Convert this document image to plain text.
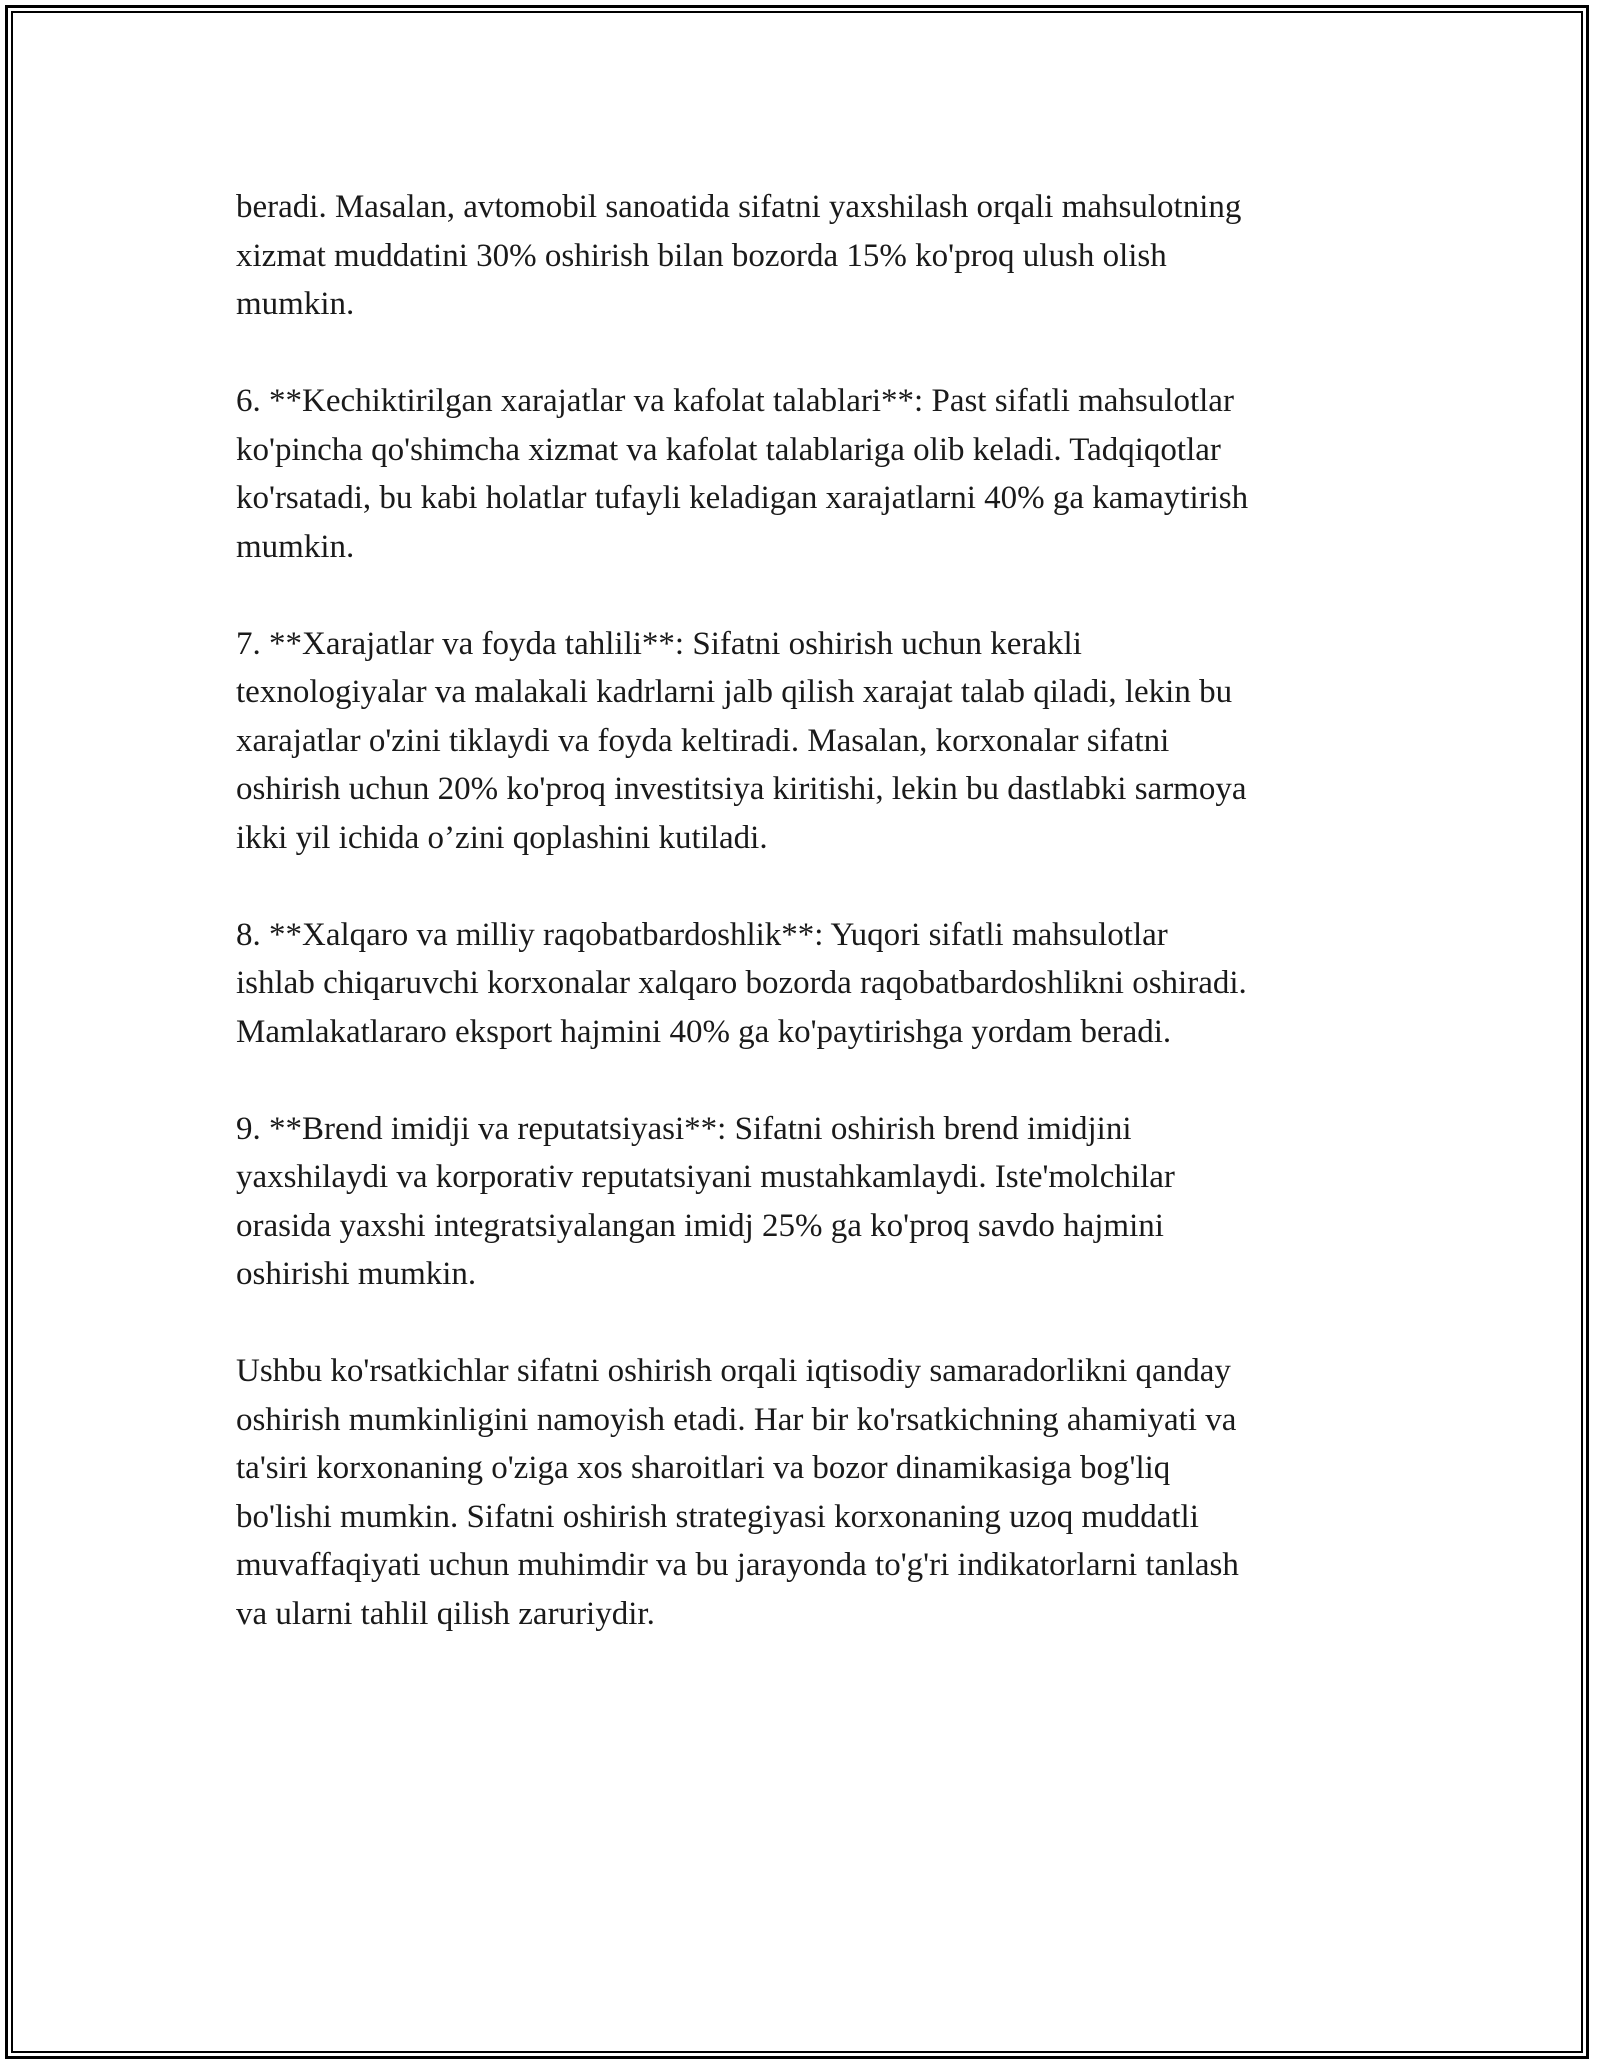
beradi. Masalan, avtomobil sanoatida sifatni yaxshilash orqali mahsulotning
xizmat muddatini 30% oshirish bilan bozorda 15% ko'proq ulush olish
mumkin.

6. **Kechiktirilgan xarajatlar va kafolat talablari**: Past sifatli mahsulotlar
ko'pincha qo'shimcha xizmat va kafolat talablariga olib keladi. Tadqiqotlar
ko'rsatadi, bu kabi holatlar tufayli keladigan xarajatlarni 40% ga kamaytirish
mumkin.

7. **Xarajatlar va foyda tahlili**: Sifatni oshirish uchun kerakli
texnologiyalar va malakali kadrlarni jalb qilish xarajat talab qiladi, lekin bu
xarajatlar o'zini tiklaydi va foyda keltiradi. Masalan, korxonalar sifatni
oshirish uchun 20% ko'proq investitsiya kiritishi, lekin bu dastlabki sarmoya
ikki yil ichida o’zini qoplashini kutiladi.

8. **Xalqaro va milliy raqobatbardoshlik**: Yuqori sifatli mahsulotlar
ishlab chiqaruvchi korxonalar xalqaro bozorda raqobatbardoshlikni oshiradi.
Mamlakatlararo eksport hajmini 40% ga ko'paytirishga yordam beradi.

9. **Brend imidji va reputatsiyasi**: Sifatni oshirish brend imidjini
yaxshilaydi va korporativ reputatsiyani mustahkamlaydi. Iste'molchilar
orasida yaxshi integratsiyalangan imidj 25% ga ko'proq savdo hajmini
oshirishi mumkin.

Ushbu ko'rsatkichlar sifatni oshirish orqali iqtisodiy samaradorlikni qanday
oshirish mumkinligini namoyish etadi. Har bir ko'rsatkichning ahamiyati va
ta'siri korxonaning o'ziga xos sharoitlari va bozor dinamikasiga bog'liq
bo'lishi mumkin. Sifatni oshirish strategiyasi korxonaning uzoq muddatli
muvaffaqiyati uchun muhimdir va bu jarayonda to'g'ri indikatorlarni tanlash
va ularni tahlil qilish zaruriydir.
